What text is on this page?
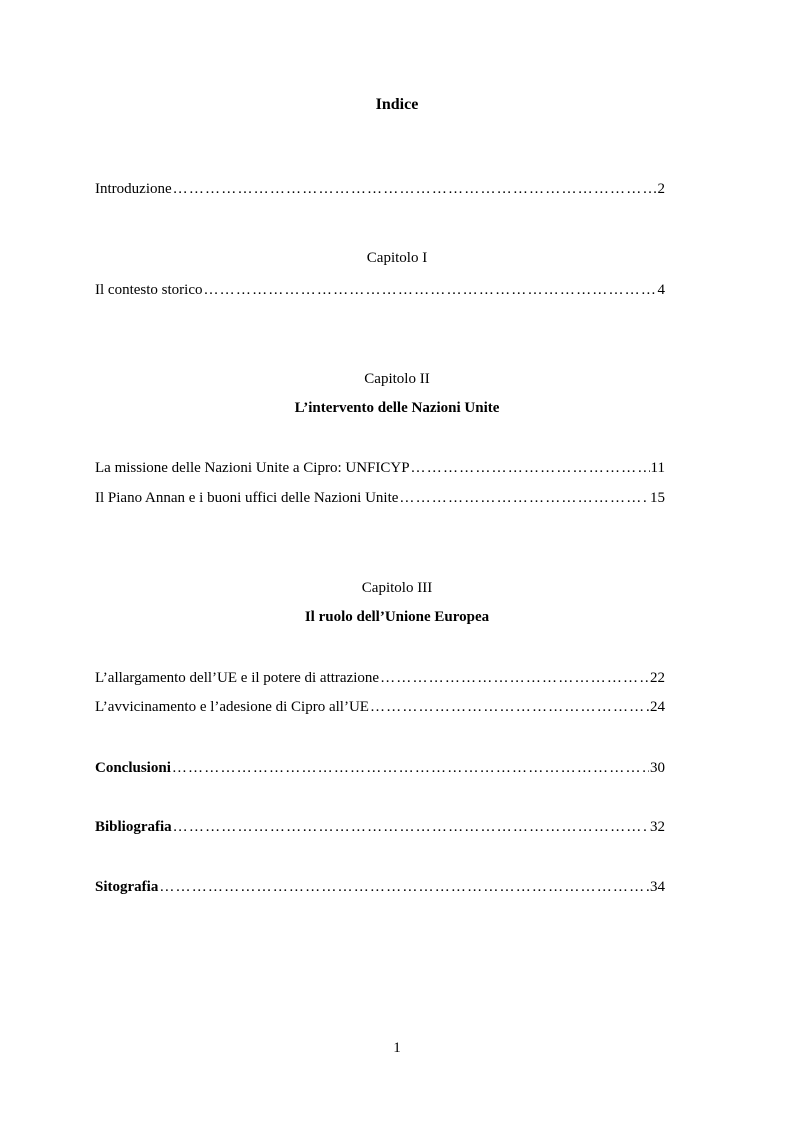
Indice
Introduzione …………………………………………………………………………………………………………………………………………………………………………………………………	2
Capitolo I
Il contesto storico …………………………………………………………………………………………………………………………………………………………………………………………………	4
Capitolo II
L’intervento delle Nazioni Unite
La missione delle Nazioni Unite a Cipro: UNFICYP …………………………………………………………………………………………………………………………………………………………………………………………………	11
Il Piano Annan e i buoni uffici delle Nazioni Unite …………………………………………………………………………………………………………………………………………………………………………………………………	15
Capitolo III
Il ruolo dell’Unione Europea
L’allargamento dell’UE e il potere di attrazione …………………………………………………………………………………………………………………………………………………………………………………………………	22
L’avvicinamento e l’adesione di Cipro all’UE …………………………………………………………………………………………………………………………………………………………………………………………………	24
Conclusioni …………………………………………………………………………………………………………………………………………………………………………………………………	30
Bibliografia …………………………………………………………………………………………………………………………………………………………………………………………………	32
Sitografia …………………………………………………………………………………………………………………………………………………………………………………………………	34
1
